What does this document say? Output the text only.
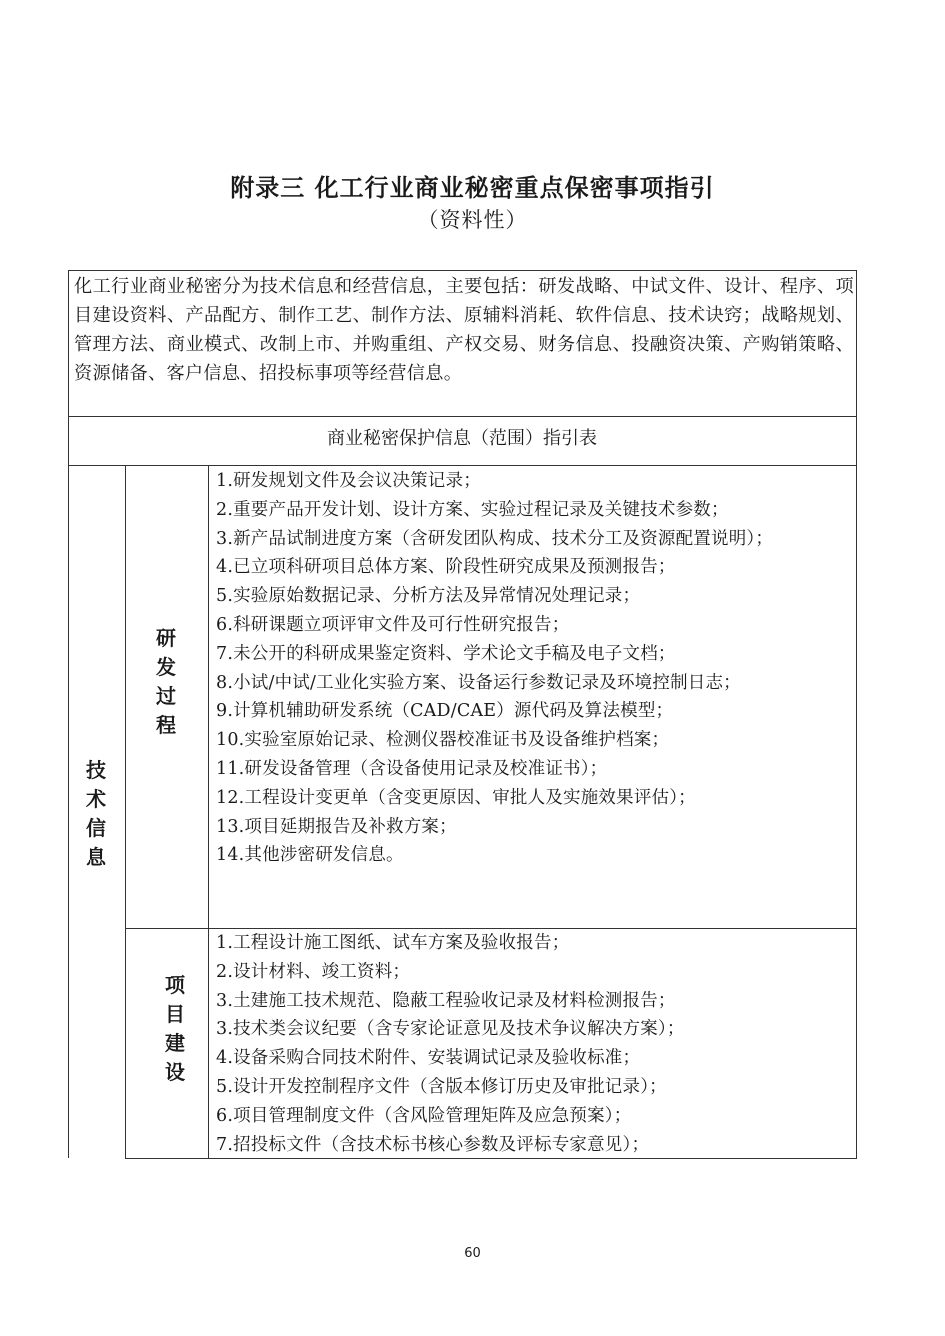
附录三 化工行业商业秘密重点保密事项指引
（资料性）
化工行业商业秘密分为技术信息和经营信息，主要包括：研发战略、中试文件、设计、程序、项目建设资料、产品配方、制作工艺、制作方法、原辅料消耗、软件信息、技术诀窍；战略规划、管理方法、商业模式、改制上市、并购重组、产权交易、财务信息、投融资决策、产购销策略、资源储备、客户信息、招投标事项等经营信息。
商业秘密保护信息（范围）指引表
技术信息
研发过程
项目建设
1.研发规划文件及会议决策记录；
2.重要产品开发计划、设计方案、实验过程记录及关键技术参数；
3.新产品试制进度方案（含研发团队构成、技术分工及资源配置说明）；
4.已立项科研项目总体方案、阶段性研究成果及预测报告；
5.实验原始数据记录、分析方法及异常情况处理记录；
6.科研课题立项评审文件及可行性研究报告；
7.未公开的科研成果鉴定资料、学术论文手稿及电子文档；
8.小试/中试/工业化实验方案、设备运行参数记录及环境控制日志；
9.计算机辅助研发系统（CAD/CAE）源代码及算法模型；
10.实验室原始记录、检测仪器校准证书及设备维护档案；
11.研发设备管理（含设备使用记录及校准证书）；
12.工程设计变更单（含变更原因、审批人及实施效果评估）；
13.项目延期报告及补救方案；
14.其他涉密研发信息。
1.工程设计施工图纸、试车方案及验收报告；
2.设计材料、竣工资料；
3.土建施工技术规范、隐蔽工程验收记录及材料检测报告；
3.技术类会议纪要（含专家论证意见及技术争议解决方案）；
4.设备采购合同技术附件、安装调试记录及验收标准；
5.设计开发控制程序文件（含版本修订历史及审批记录）；
6.项目管理制度文件（含风险管理矩阵及应急预案）；
7.招投标文件（含技术标书核心参数及评标专家意见）；
60
